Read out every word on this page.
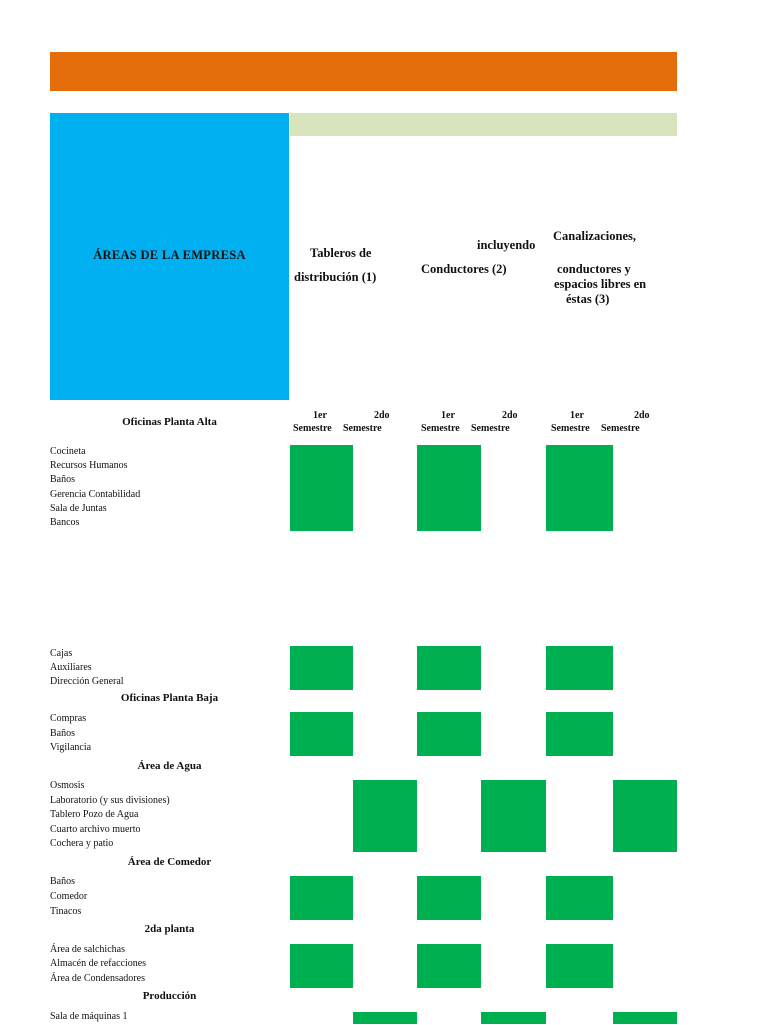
ÁREAS DE LA EMPRESA	Tableros de
distribución (1)
incluyendo
Conductores (2)
Canalizaciones,
conductores y
espacios libres en
éstas (3)
1er
Semestre
2do
Semestre
1er
Semestre
2do
Semestre
1er
Semestre
2do
Semestre
Oficinas Planta Alta
Cocineta
Recursos Humanos
Baños
Gerencia Contabilidad
Sala de Juntas
Bancos
Cajas
Auxiliares
Dirección General
Oficinas Planta Baja
Compras
Baños
Vigilancia
Área de Agua
Osmosis
Laboratorio (y sus divisiones)
Tablero Pozo de Agua
Cuarto archivo muerto
Cochera y patio
Área de Comedor
Baños
Comedor
Tinacos
2da planta
Área de salchichas
Almacén de refacciones
Área de Condensadores
Producción
Sala de máquinas 1
